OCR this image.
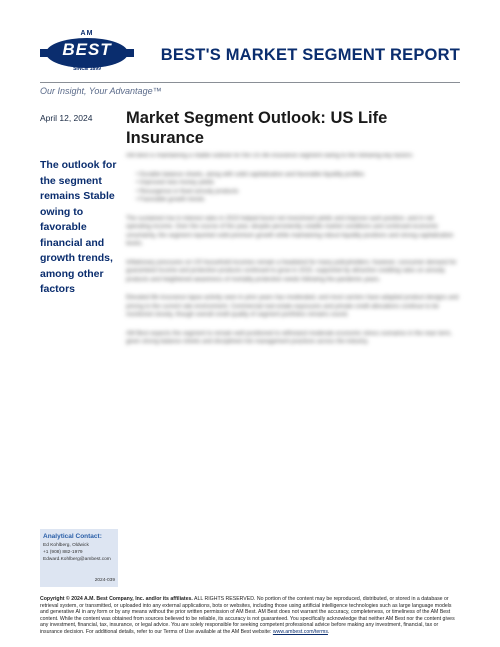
AM
BEST
SINCE 1899
BEST'S MARKET SEGMENT REPORT
Our Insight, Your Advantage™
April 12, 2024
The outlook for the segment remains Stable owing to favorable financial and growth trends, among other factors
Market Segment Outlook: US Life Insurance
AM Best is maintaining a Stable outlook for the US life insurance segment owing to the following key factors:
• Durable balance sheets, along with solid capitalization and favorable liquidity profiles
• Improved new money yields
• Resurgence in fixed annuity products
• Favorable growth trends
The sustained rise in interest rates in 2023 helped boost net investment yields and improve cash position, and in net operating income. Over the course of the year, despite persistently volatile market conditions and continued economic uncertainty, the segment reported solid premium growth while maintaining robust liquidity positions and strong capitalization levels.
Inflationary pressures on US household incomes remain a headwind for many policyholders; however, consumer demand for guaranteed income and protection products continued to grow in 2023, supported by attractive crediting rates on annuity products and heightened awareness of mortality protection needs following the pandemic years.
Elevated life insurance lapse activity seen in prior years has moderated, and most carriers have adapted product designs and pricing to the current rate environment. Commercial real estate exposures and private credit allocations continue to be monitored closely, though overall credit quality of segment portfolios remains sound.
AM Best expects the segment to remain well positioned to withstand moderate economic stress scenarios in the near term, given strong balance sheets and disciplined risk management practices across the industry.
Analytical Contact:
Ed Kohlberg, Oldwick
+1 (908) 882-1979
Edward.Kohlberg@ambest.com
2024-039
Copyright © 2024 A.M. Best Company, Inc. and/or its affiliates. ALL RIGHTS RESERVED. No portion of the content may be reproduced, distributed, or stored in a database or retrieval system, or transmitted, or uploaded into any external applications, bots or websites, including those using artificial intelligence technologies such as large language models and generative AI in any form or by any means without the prior written permission of AM Best. AM Best does not warrant the accuracy, completeness, or timeliness of the AM Best content. While the content was obtained from sources believed to be reliable, its accuracy is not guaranteed. You specifically acknowledge that neither AM Best nor the content gives any investment, financial, tax, insurance, or legal advice. You are solely responsible for seeking competent professional advice before making any investment, financial, tax or insurance decision. For additional details, refer to our Terms of Use available at the AM Best website: www.ambest.com/terms.
